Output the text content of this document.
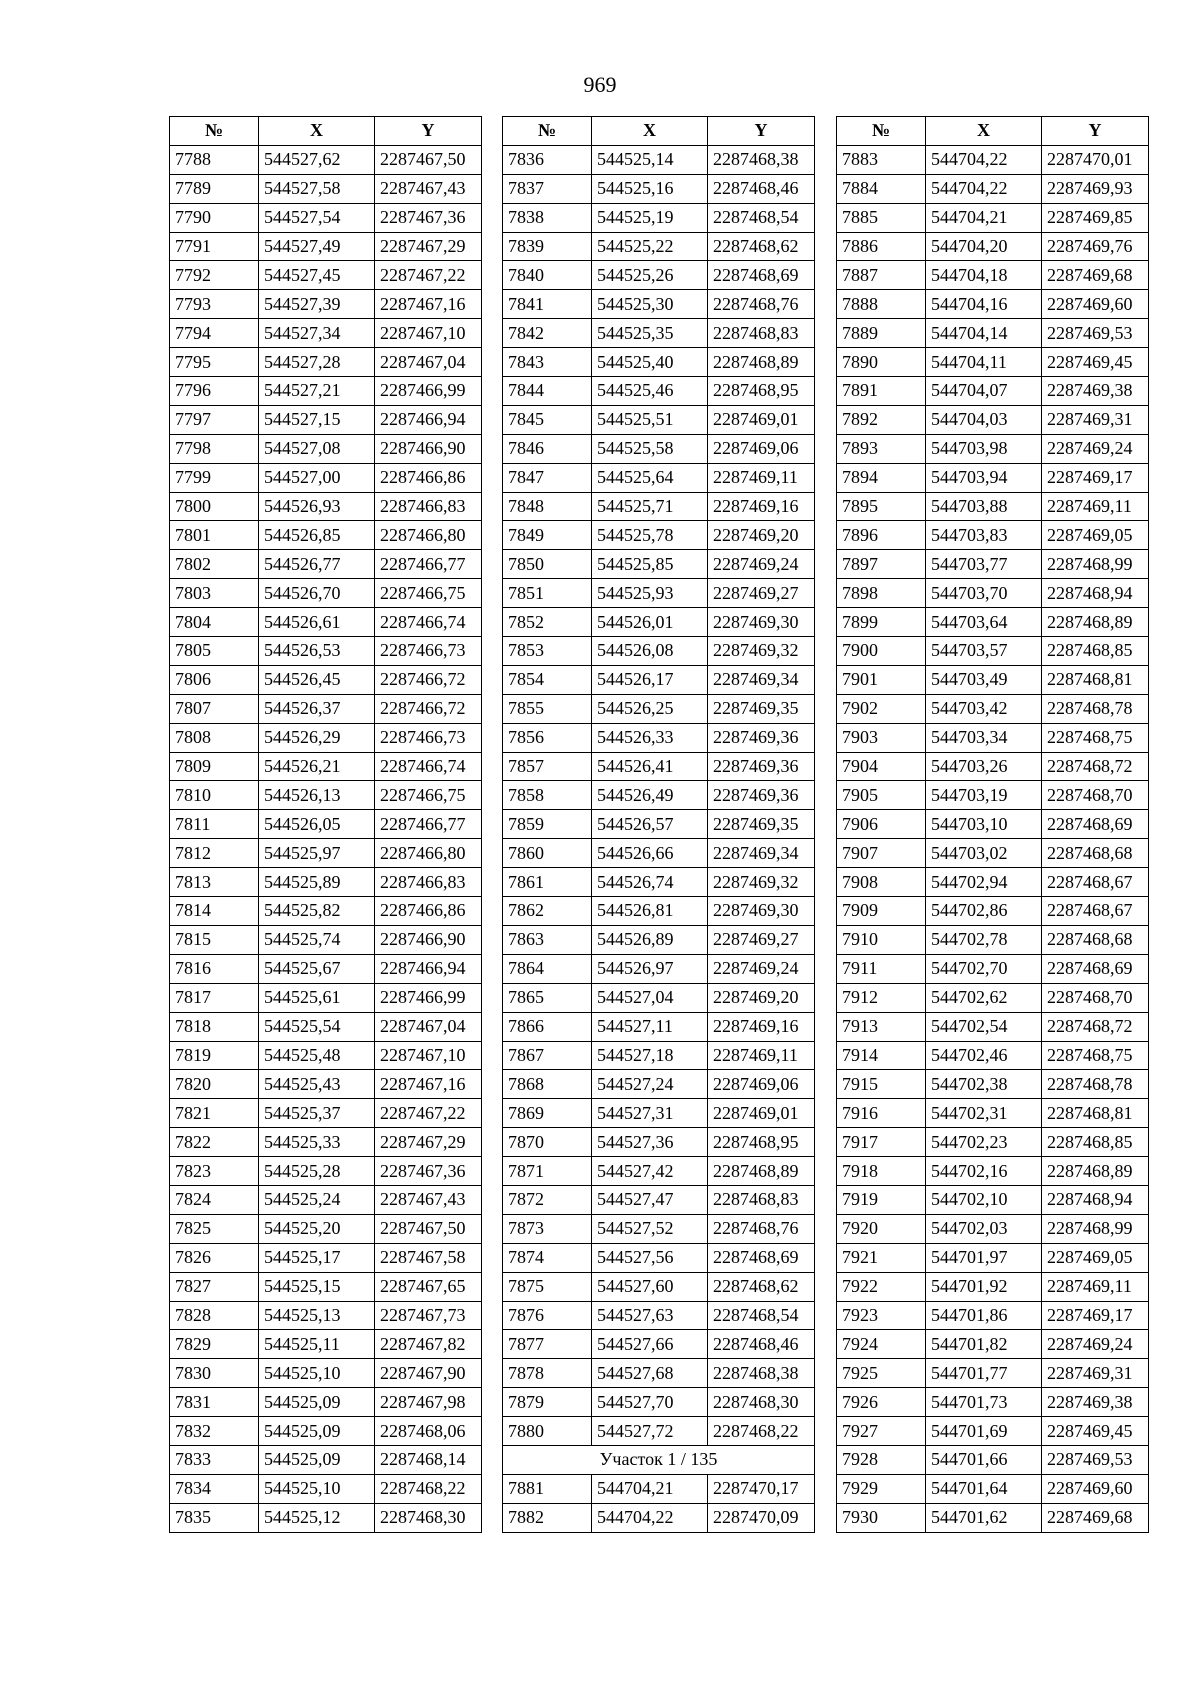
969
№	X	Y
7788	544527,62	2287467,50
7789	544527,58	2287467,43
7790	544527,54	2287467,36
7791	544527,49	2287467,29
7792	544527,45	2287467,22
7793	544527,39	2287467,16
7794	544527,34	2287467,10
7795	544527,28	2287467,04
7796	544527,21	2287466,99
7797	544527,15	2287466,94
7798	544527,08	2287466,90
7799	544527,00	2287466,86
7800	544526,93	2287466,83
7801	544526,85	2287466,80
7802	544526,77	2287466,77
7803	544526,70	2287466,75
7804	544526,61	2287466,74
7805	544526,53	2287466,73
7806	544526,45	2287466,72
7807	544526,37	2287466,72
7808	544526,29	2287466,73
7809	544526,21	2287466,74
7810	544526,13	2287466,75
7811	544526,05	2287466,77
7812	544525,97	2287466,80
7813	544525,89	2287466,83
7814	544525,82	2287466,86
7815	544525,74	2287466,90
7816	544525,67	2287466,94
7817	544525,61	2287466,99
7818	544525,54	2287467,04
7819	544525,48	2287467,10
7820	544525,43	2287467,16
7821	544525,37	2287467,22
7822	544525,33	2287467,29
7823	544525,28	2287467,36
7824	544525,24	2287467,43
7825	544525,20	2287467,50
7826	544525,17	2287467,58
7827	544525,15	2287467,65
7828	544525,13	2287467,73
7829	544525,11	2287467,82
7830	544525,10	2287467,90
7831	544525,09	2287467,98
7832	544525,09	2287468,06
7833	544525,09	2287468,14
7834	544525,10	2287468,22
7835	544525,12	2287468,30
№	X	Y
7836	544525,14	2287468,38
7837	544525,16	2287468,46
7838	544525,19	2287468,54
7839	544525,22	2287468,62
7840	544525,26	2287468,69
7841	544525,30	2287468,76
7842	544525,35	2287468,83
7843	544525,40	2287468,89
7844	544525,46	2287468,95
7845	544525,51	2287469,01
7846	544525,58	2287469,06
7847	544525,64	2287469,11
7848	544525,71	2287469,16
7849	544525,78	2287469,20
7850	544525,85	2287469,24
7851	544525,93	2287469,27
7852	544526,01	2287469,30
7853	544526,08	2287469,32
7854	544526,17	2287469,34
7855	544526,25	2287469,35
7856	544526,33	2287469,36
7857	544526,41	2287469,36
7858	544526,49	2287469,36
7859	544526,57	2287469,35
7860	544526,66	2287469,34
7861	544526,74	2287469,32
7862	544526,81	2287469,30
7863	544526,89	2287469,27
7864	544526,97	2287469,24
7865	544527,04	2287469,20
7866	544527,11	2287469,16
7867	544527,18	2287469,11
7868	544527,24	2287469,06
7869	544527,31	2287469,01
7870	544527,36	2287468,95
7871	544527,42	2287468,89
7872	544527,47	2287468,83
7873	544527,52	2287468,76
7874	544527,56	2287468,69
7875	544527,60	2287468,62
7876	544527,63	2287468,54
7877	544527,66	2287468,46
7878	544527,68	2287468,38
7879	544527,70	2287468,30
7880	544527,72	2287468,22
Участок 1 / 135		
7881	544704,21	2287470,17
7882	544704,22	2287470,09
№	X	Y
7883	544704,22	2287470,01
7884	544704,22	2287469,93
7885	544704,21	2287469,85
7886	544704,20	2287469,76
7887	544704,18	2287469,68
7888	544704,16	2287469,60
7889	544704,14	2287469,53
7890	544704,11	2287469,45
7891	544704,07	2287469,38
7892	544704,03	2287469,31
7893	544703,98	2287469,24
7894	544703,94	2287469,17
7895	544703,88	2287469,11
7896	544703,83	2287469,05
7897	544703,77	2287468,99
7898	544703,70	2287468,94
7899	544703,64	2287468,89
7900	544703,57	2287468,85
7901	544703,49	2287468,81
7902	544703,42	2287468,78
7903	544703,34	2287468,75
7904	544703,26	2287468,72
7905	544703,19	2287468,70
7906	544703,10	2287468,69
7907	544703,02	2287468,68
7908	544702,94	2287468,67
7909	544702,86	2287468,67
7910	544702,78	2287468,68
7911	544702,70	2287468,69
7912	544702,62	2287468,70
7913	544702,54	2287468,72
7914	544702,46	2287468,75
7915	544702,38	2287468,78
7916	544702,31	2287468,81
7917	544702,23	2287468,85
7918	544702,16	2287468,89
7919	544702,10	2287468,94
7920	544702,03	2287468,99
7921	544701,97	2287469,05
7922	544701,92	2287469,11
7923	544701,86	2287469,17
7924	544701,82	2287469,24
7925	544701,77	2287469,31
7926	544701,73	2287469,38
7927	544701,69	2287469,45
7928	544701,66	2287469,53
7929	544701,64	2287469,60
7930	544701,62	2287469,68
